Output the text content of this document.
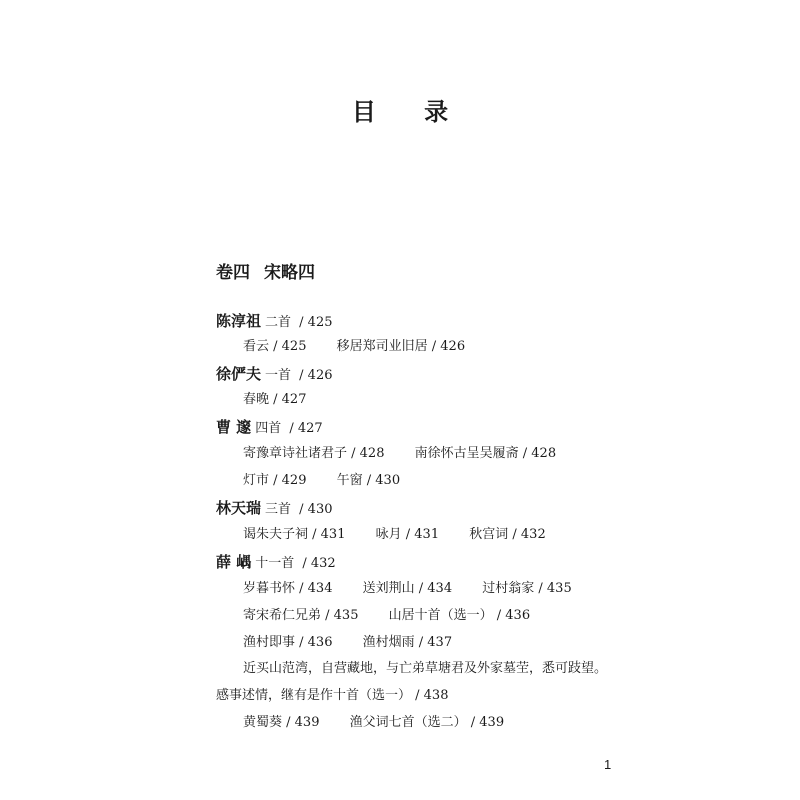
目 录
卷四 宋略四
陈淳祖 二首 / 425
看云 / 425 移居郑司业旧居 / 426
徐俨夫 一首 / 426
春晚 / 427
曹 邃 四首 / 427
寄豫章诗社诸君子 / 428 南徐怀古呈吴履斋 / 428
灯市 / 429 午窗 / 430
林天瑞 三首 / 430
谒朱夫子祠 / 431 咏月 / 431 秋宫词 / 432
薛 嵎 十一首 / 432
岁暮书怀 / 434 送刘荆山 / 434 过村翁家 / 435
寄宋希仁兄弟 / 435 山居十首（选一） / 436
渔村即事 / 436 渔村烟雨 / 437
近买山范湾，自营藏地，与亡弟草塘君及外家墓茔，悉可跂望。
感事述情，继有是作十首（选一） / 438
黄蜀葵 / 439 渔父词七首（选二） / 439
1
